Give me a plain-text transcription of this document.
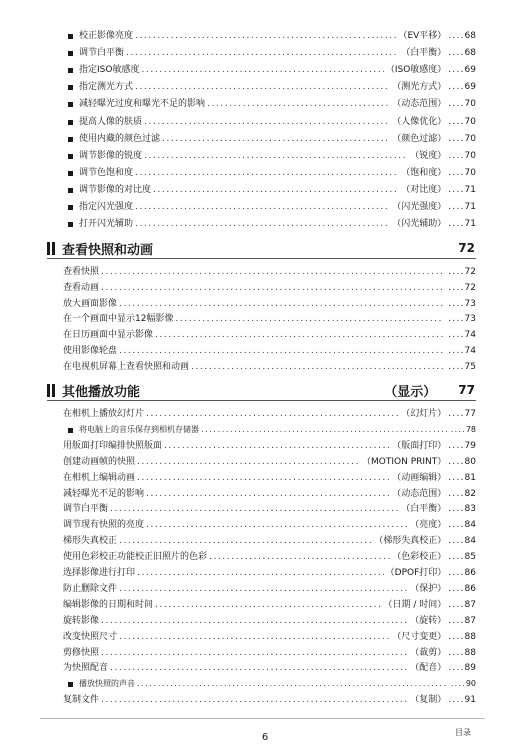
校正影像亮度 .....	（EV平移） .... 68
调节白平衡 .....	（白平衡） .... 68
指定ISO敏感度 .....	（ISO敏感度） .... 69
指定测光方式 .....	（测光方式） .... 69
减轻曝光过度和曝光不足的影响 .....	（动态范围） .... 70
提高人像的肤质 .....	（人像优化） .... 70
使用内藏的颜色过滤 .....	（颜色过滤） .... 70
调节影像的锐度 .....	（锐度） .... 70
调节色饱和度 .....	（饱和度） .... 70
调节影像的对比度 .....	（对比度） .... 71
指定闪光强度 .....	（闪光强度） .... 71
打开闪光辅助 .....	（闪光辅助） .... 71
查看快照和动画	72
查看快照 .....	.... 72
查看动画 .....	.... 72
放大画面影像 .....	.... 73
在一个画面中显示12幅影像 .....	.... 73
在日历画面中显示影像 .....	.... 74
使用影像轮盘 .....	.... 74
在电视机屏幕上查看快照和动画 .....	.... 75
其他播放功能	（显示） 77
在相机上播放幻灯片 .....	（幻灯片） .... 77
将电脑上的音乐保存到相机存储器 .....	.... 78
用版面打印编排快照版面 .....	（版面打印） .... 79
创建动画帧的快照 .....	（MOTION PRINT） .... 80
在相机上编辑动画 .....	（动画编辑） .... 81
减轻曝光不足的影响 .....	（动态范围） .... 82
调节白平衡 .....	（白平衡） .... 83
调节现有快照的亮度 .....	（亮度） .... 84
梯形失真校正 .....	（梯形失真校正） .... 84
使用色彩校正功能校正旧照片的色彩 .....	（色彩校正） .... 85
选择影像进行打印 .....	（DPOF打印） .... 86
防止删除文件 .....	（保护） .... 86
编辑影像的日期和时间 .....	（日期 / 时间） .... 87
旋转影像 .....	（旋转） .... 87
改变快照尺寸 .....	（尺寸变更） .... 88
剪修快照 .....	（裁剪） .... 88
为快照配音 .....	（配音） .... 89
播放快照的声音 .....	.... 90
复制文件 .....	（复制） .... 91
6	目录
